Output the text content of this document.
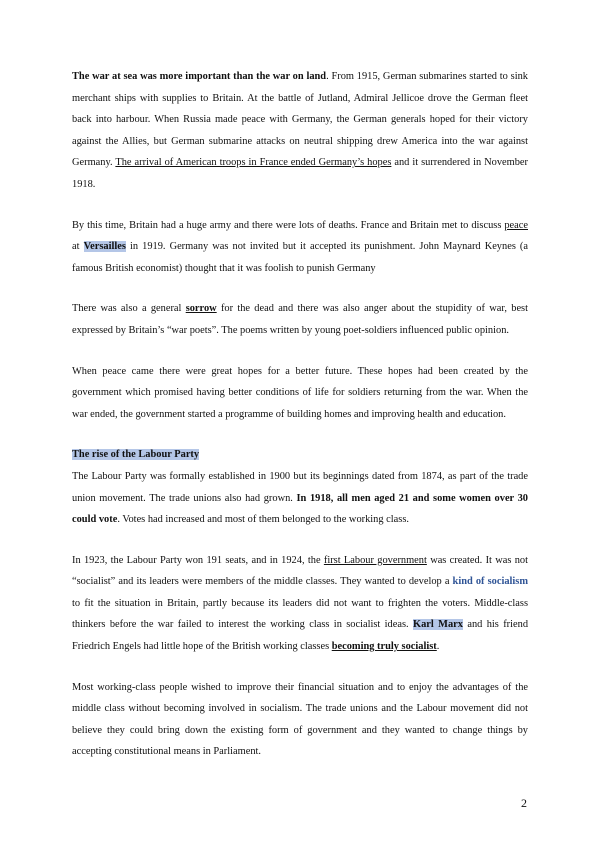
The war at sea was more important than the war on land. From 1915, German submarines started to sink merchant ships with supplies to Britain. At the battle of Jutland, Admiral Jellicoe drove the German fleet back into harbour. When Russia made peace with Germany, the German generals hoped for their victory against the Allies, but German submarine attacks on neutral shipping drew America into the war against Germany. The arrival of American troops in France ended Germany’s hopes and it surrendered in November 1918.

By this time, Britain had a huge army and there were lots of deaths. France and Britain met to discuss peace at Versailles in 1919. Germany was not invited but it accepted its punishment. John Maynard Keynes (a famous British economist) thought that it was foolish to punish Germany

There was also a general sorrow for the dead and there was also anger about the stupidity of war, best expressed by Britain’s “war poets”. The poems written by young poet-soldiers influenced public opinion.

When peace came there were great hopes for a better future. These hopes had been created by the government which promised having better conditions of life for soldiers returning from the war. When the war ended, the government started a programme of building homes and improving health and education.

The rise of the Labour Party

The Labour Party was formally established in 1900 but its beginnings dated from 1874, as part of the trade union movement. The trade unions also had grown. In 1918, all men aged 21 and some women over 30 could vote. Votes had increased and most of them belonged to the working class.

In 1923, the Labour Party won 191 seats, and in 1924, the first Labour government was created. It was not “socialist” and its leaders were members of the middle classes. They wanted to develop a kind of socialism to fit the situation in Britain, partly because its leaders did not want to frighten the voters. Middle-class thinkers before the war failed to interest the working class in socialist ideas. Karl Marx and his friend Friedrich Engels had little hope of the British working classes becoming truly socialist.

Most working-class people wished to improve their financial situation and to enjoy the advantages of the middle class without becoming involved in socialism. The trade unions and the Labour movement did not believe they could bring down the existing form of government and they wanted to change things by accepting constitutional means in Parliament.

2
